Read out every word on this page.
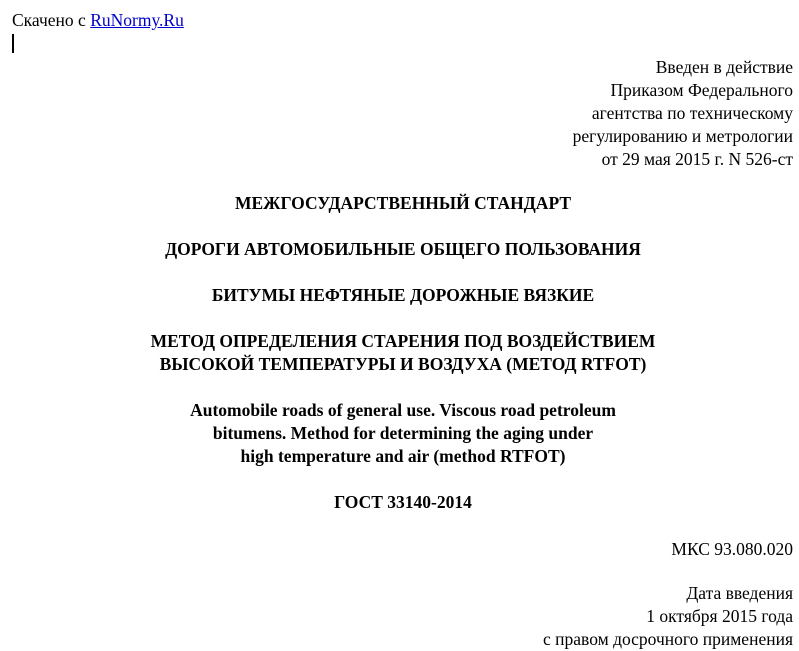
Скачено с RuNormy.Ru
Введен в действие
Приказом Федерального
агентства по техническому
регулированию и метрологии
от 29 мая 2015 г. N 526-ст
МЕЖГОСУДАРСТВЕННЫЙ СТАНДАРТ
ДОРОГИ АВТОМОБИЛЬНЫЕ ОБЩЕГО ПОЛЬЗОВАНИЯ
БИТУМЫ НЕФТЯНЫЕ ДОРОЖНЫЕ ВЯЗКИЕ
МЕТОД ОПРЕДЕЛЕНИЯ СТАРЕНИЯ ПОД ВОЗДЕЙСТВИЕМ
ВЫСОКОЙ ТЕМПЕРАТУРЫ И ВОЗДУХА (МЕТОД RTFOT)
Automobile roads of general use. Viscous road petroleum
bitumens. Method for determining the aging under
high temperature and air (method RTFOT)
ГОСТ 33140-2014
МКС 93.080.020
Дата введения
1 октября 2015 года
с правом досрочного применения
